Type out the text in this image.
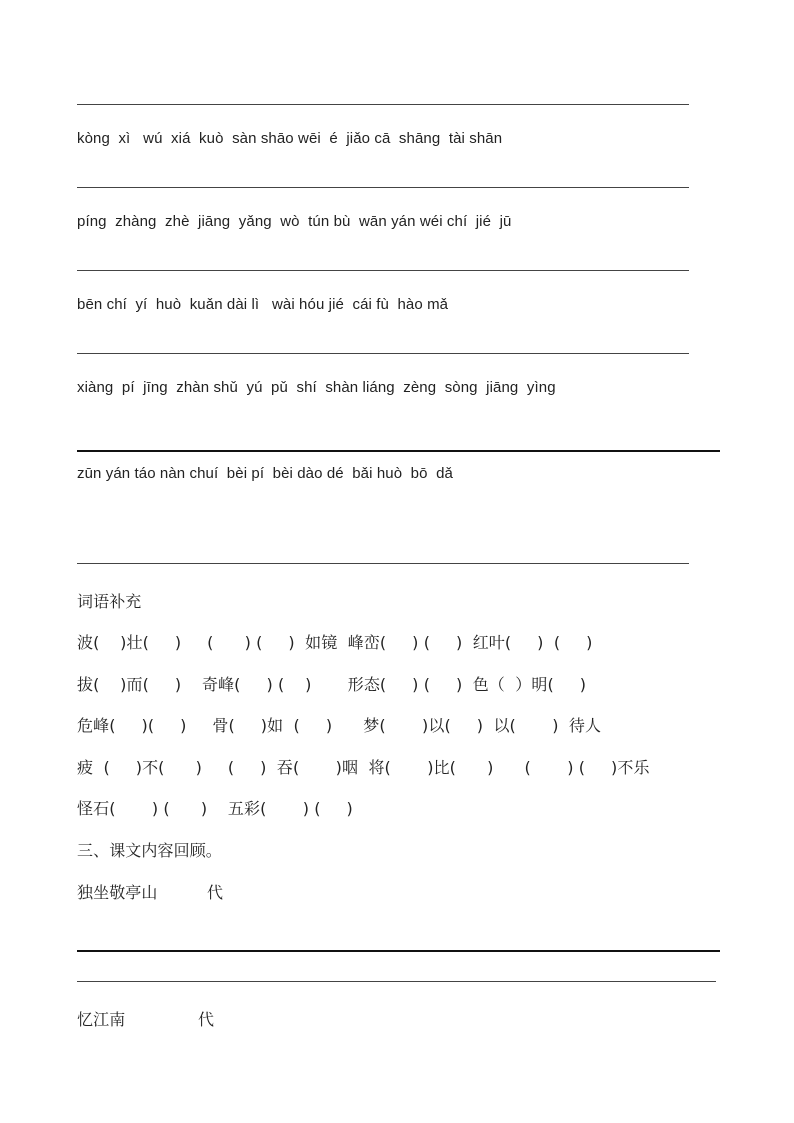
kòng  xì   wú  xiá  kuò  sàn shāo wēi  é  jiǎo cā  shāng  tài shān
píng  zhàng  zhè  jiāng  yǎng  wò  tún bù  wān yán wéi chí  jié  jū
bēn chí  yí  huò  kuǎn dài lì   wài hóu jié  cái fù  hào mǎ
xiàng  pí  jīng  zhàn shǔ  yú  pǔ  shí  shàn liáng  zèng  sòng  jiāng  yìng
zūn yán táo nàn chuí  bèi pí  bèi dào dé  bǎi huò  bō  dǎ
词语补充
波(    )壮(     )     (      ) (     )  如镜  峰峦(     ) (     )  红叶(     )  (     )
拔(    )而(     )    奇峰(     ) (    )       形态(     ) (     )  色（  ）明(     )
危峰(     )(     )     骨(     )如  (     )      梦(       )以(     )  以(       )  待人
疲  (     )不(      )     (     )  吞(       )咽  将(       )比(      )      (       ) (     )不乐
怪石(       ) (      )    五彩(       ) (     )
三、课文内容回顾。
独坐敬亭山	代
忆江南	代
